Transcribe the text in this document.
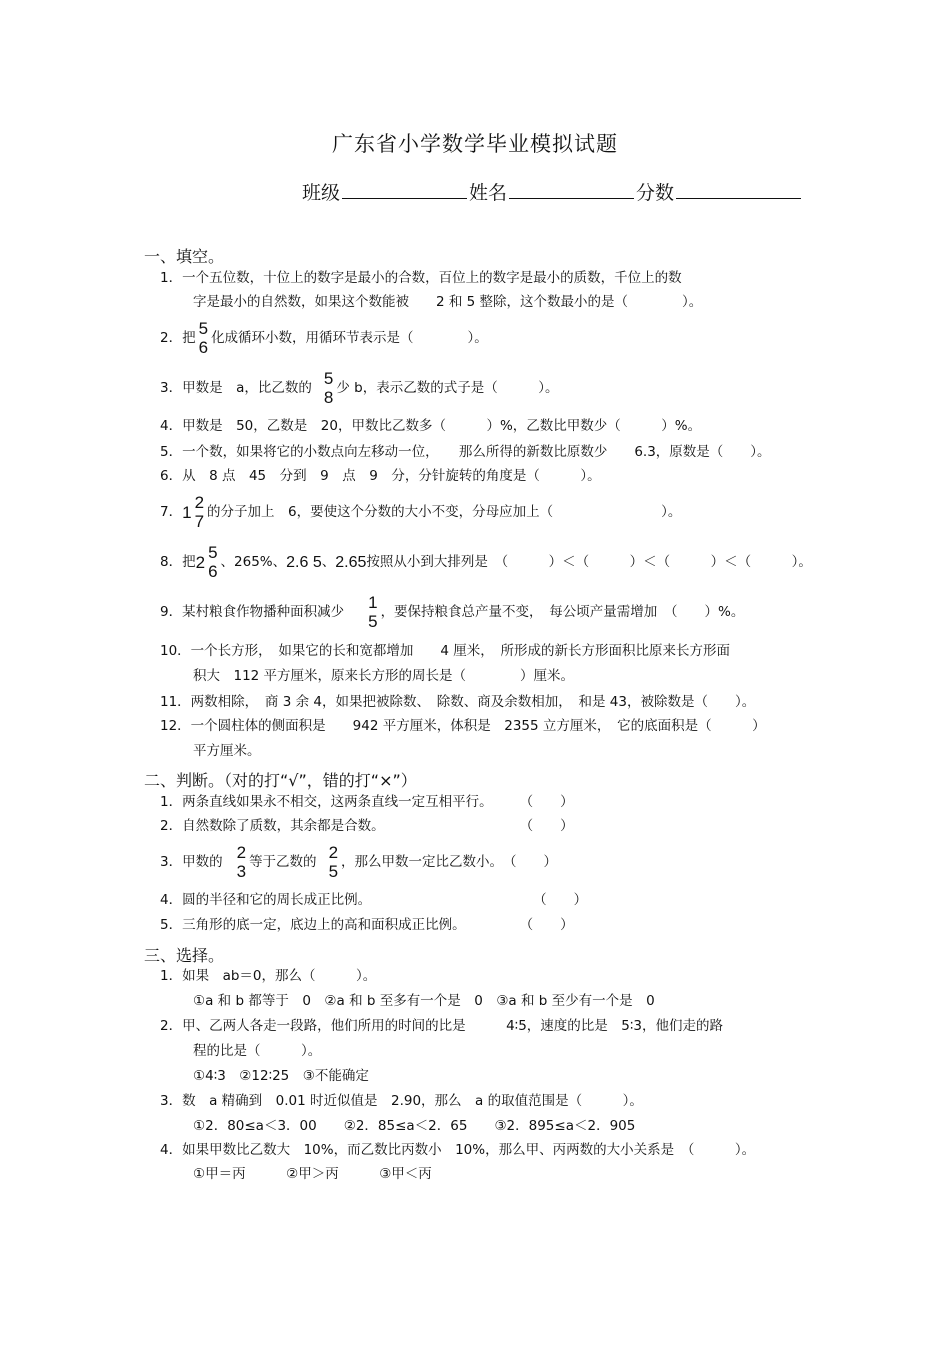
广东省小学数学毕业模拟试题
班级	姓名	分数
一、填空。
1．一个五位数，十位上的数字是最小的合数，百位上的数字是最小的质数，千位上的数
字是最小的自然数，如果这个数能被　　2 和 5 整除，这个数最小的是（　　　　）。
2．把 5
6 化成循环小数，用循环节表示是（　　　　）。
3．甲数是　a，比乙数的 5
8 少 b，表示乙数的式子是（　　　）。
4．甲数是　50，乙数是　20，甲数比乙数多（　　　）%，乙数比甲数少（　　　）%。
5．一个数，如果将它的小数点向左移动一位，　　那么所得的新数比原数少　　6.3，原数是（　　）。
6．从　8 点　45　分到　9　点　9　分，分针旋转的角度是（　　　）。
7． 1
2
7 的分子加上　6，要使这个分数的大小不变，分母应加上（　　　　　　　　）。
8．把 2
5
6 、265%、 2.6 5 、 2.65 按照从小到大排列是　（　　　）＜（　　　）＜（　　　）＜（　　　）。
9．某村粮食作物播种面积减少 1
5 ，要保持粮食总产量不变，　每公顷产量需增加　（　　）%。
10．一个长方形，　如果它的长和宽都增加　　4 厘米，　所形成的新长方形面积比原来长方形面
积大　112 平方厘米，原来长方形的周长是（　　　　）厘米。
11．两数相除，　商 3 余 4，如果把被除数、　除数、商及余数相加，　和是 43，被除数是（　　）。
12．一个圆柱体的侧面积是　　942 平方厘米，体积是　2355 立方厘米，　它的底面积是（　　　）
平方厘米。
二、判断。（对的打“√”，错的打“×”）
1．两条直线如果永不相交，这两条直线一定互相平行。　　　（　　）
2．自然数除了质数，其余都是合数。　　　　　　　　　　　（　　）
3．甲数的 2
3 等于乙数的 2
5 ，那么甲数一定比乙数小。　（　　）
4．圆的半径和它的周长成正比例。　　　　　　　　　　　　　（　　）
5．三角形的底一定，底边上的高和面积成正比例。　　　　　（　　）
三、选择。
1．如果　ab＝0，那么（　　　）。
①a 和 b 都等于　0　②a 和 b 至多有一个是　0　③a 和 b 至少有一个是　0
2．甲、乙两人各走一段路，他们所用的时间的比是　　　4∶5，速度的比是　5∶3，他们走的路
程的比是（　　　）。
①4∶3　②12∶25　③不能确定
3．数　a 精确到　0.01 时近似值是　2.90，那么　a 的取值范围是（　　　）。
①2．80≤a＜3．00　　②2．85≤a＜2．65　　③2．895≤a＜2．905
4．如果甲数比乙数大　10%，而乙数比丙数小　10%，那么甲、丙两数的大小关系是　（　　　）。
①甲＝丙　　　②甲＞丙　　　③甲＜丙
